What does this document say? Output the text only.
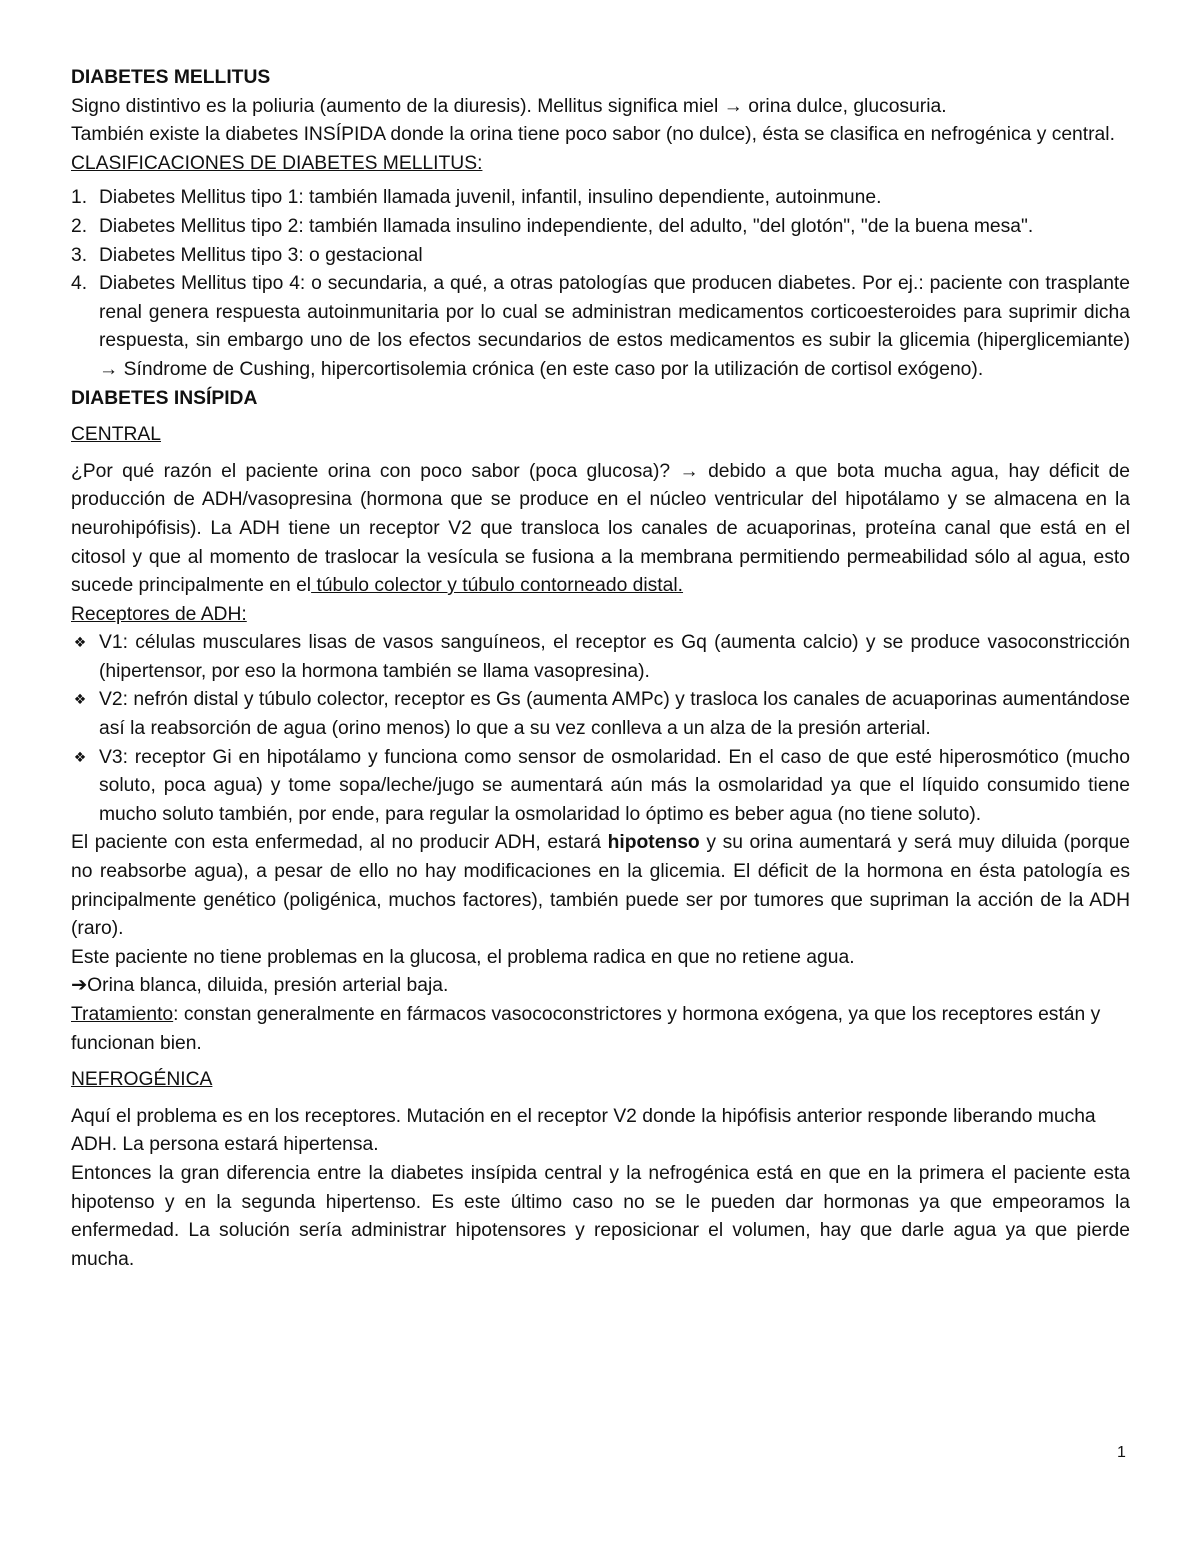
DIABETES MELLITUS

Signo distintivo es la poliuria (aumento de la diuresis). Mellitus significa miel → orina dulce, glucosuria.

También existe la diabetes INSÍPIDA donde la orina tiene poco sabor (no dulce), ésta se clasifica en nefrogénica y central.

CLASIFICACIONES DE DIABETES MELLITUS:

1. Diabetes Mellitus tipo 1: también llamada juvenil, infantil, insulino dependiente, autoinmune.
2. Diabetes Mellitus tipo 2: también llamada insulino independiente, del adulto, "del glotón", "de la buena mesa".
3. Diabetes Mellitus tipo 3: o gestacional
4. Diabetes Mellitus tipo 4: o secundaria, a qué, a otras patologías que producen diabetes. Por ej.: paciente con trasplante renal genera respuesta autoinmunitaria por lo cual se administran medicamentos corticoesteroides para suprimir dicha respuesta, sin embargo uno de los efectos secundarios de estos medicamentos es subir la glicemia (hiperglicemiante) → Síndrome de Cushing, hipercortisolemia crónica (en este caso por la utilización de cortisol exógeno).

DIABETES INSÍPIDA

CENTRAL

¿Por qué razón el paciente orina con poco sabor (poca glucosa)? → debido a que bota mucha agua, hay déficit de producción de ADH/vasopresina (hormona que se produce en el núcleo ventricular del hipotálamo y se almacena en la neurohipófisis). La ADH tiene un receptor V2 que transloca los canales de acuaporinas, proteína canal que está en el citosol y que al momento de traslocar la vesícula se fusiona a la membrana permitiendo permeabilidad sólo al agua, esto sucede principalmente en el túbulo colector y túbulo contorneado distal.

Receptores de ADH:

❖ V1: células musculares lisas de vasos sanguíneos, el receptor es Gq (aumenta calcio) y se produce vasoconstricción (hipertensor, por eso la hormona también se llama vasopresina).
❖ V2: nefrón distal y túbulo colector, receptor es Gs (aumenta AMPc) y trasloca los canales de acuaporinas aumentándose así la reabsorción de agua (orino menos) lo que a su vez conlleva a un alza de la presión arterial.
❖ V3: receptor Gi en hipotálamo y funciona como sensor de osmolaridad. En el caso de que esté hiperosmótico (mucho soluto, poca agua) y tome sopa/leche/jugo se aumentará aún más la osmolaridad ya que el líquido consumido tiene mucho soluto también, por ende, para regular la osmolaridad lo óptimo es beber agua (no tiene soluto).

El paciente con esta enfermedad, al no producir ADH, estará hipotenso y su orina aumentará y será muy diluida (porque no reabsorbe agua), a pesar de ello no hay modificaciones en la glicemia. El déficit de la hormona en ésta patología es principalmente genético (poligénica, muchos factores), también puede ser por tumores que supriman la acción de la ADH (raro).

Este paciente no tiene problemas en la glucosa, el problema radica en que no retiene agua.

➔Orina blanca, diluida, presión arterial baja.

Tratamiento: constan generalmente en fármacos vasococonstrictores y hormona exógena, ya que los receptores están y funcionan bien.

NEFROGÉNICA

Aquí el problema es en los receptores. Mutación en el receptor V2 donde la hipófisis anterior responde liberando mucha ADH. La persona estará hipertensa.

Entonces la gran diferencia entre la diabetes insípida central y la nefrogénica está en que en la primera el paciente esta hipotenso y en la segunda hipertenso. Es este último caso no se le pueden dar hormonas ya que empeoramos la enfermedad. La solución sería administrar hipotensores y reposicionar el volumen, hay que darle agua ya que pierde mucha.

1
